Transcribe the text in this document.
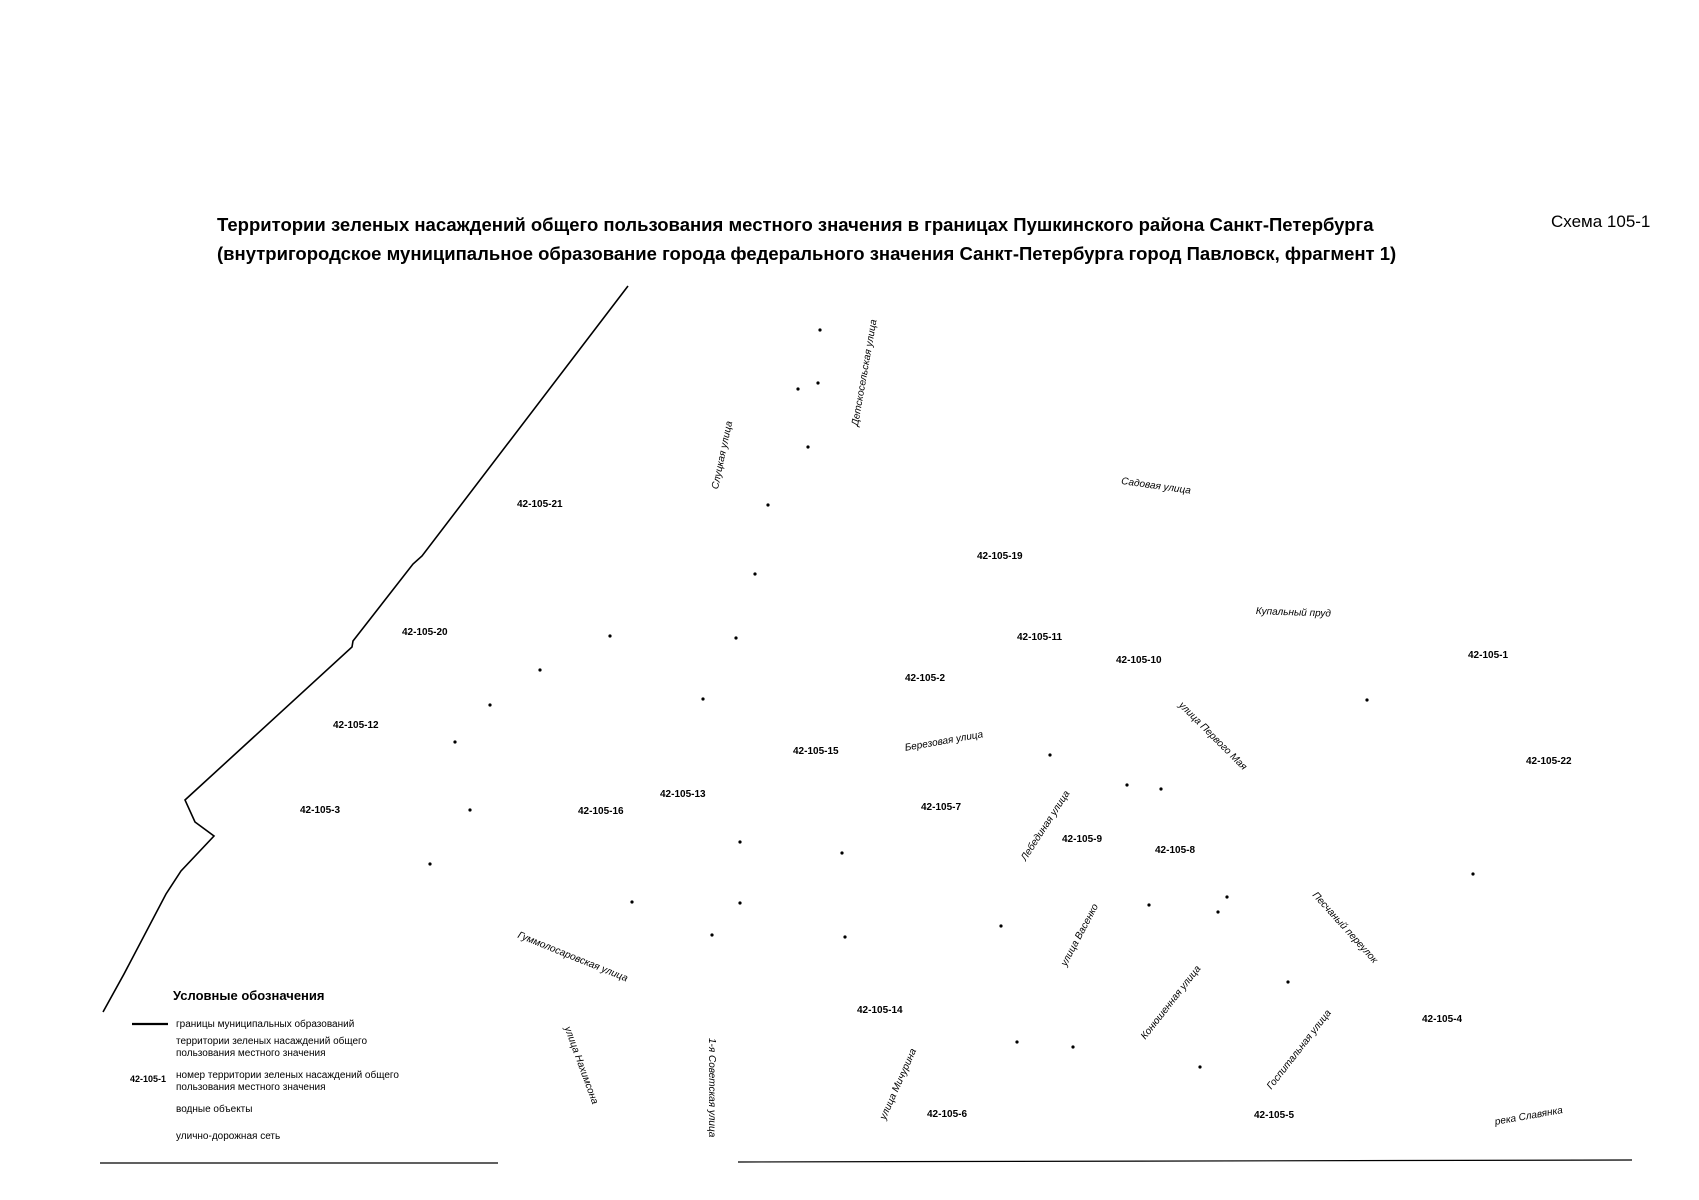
Территории зеленых насаждений общего пользования местного значения в границах Пушкинского района Санкт-Петербурга
(внутригородское муниципальное образование города федерального значения Санкт-Петербурга город Павловск, фрагмент 1)
Схема 105-1
42-105-21
42-105-19
42-105-20	42-105-11
42-105-10	42-105-1
42-105-2
42-105-12
42-105-15
42-105-22
42-105-3	42-105-16
42-105-13
42-105-7
42-105-9
42-105-8
42-105-14
42-105-4
42-105-6	42-105-5
Детскосельская улица
Слуцкая улица	Садовая улица
Купальный пруд
улица Первого Мая
Березовая улица
Лебединая улица
Песчаный переулок
Гуммолосаровская улица	улица Васенко
Конюшенная улица
Госпитальная улица
улица Нахимсона	1-я Советская улица	улица Мичурина	река Славянка
Условные обозначения
границы муниципальных образований
территории зеленых насаждений общего пользования местного значения
42-105-1 номер территории зеленых насаждений общего пользования местного значения
водные объекты
улично-дорожная сеть
